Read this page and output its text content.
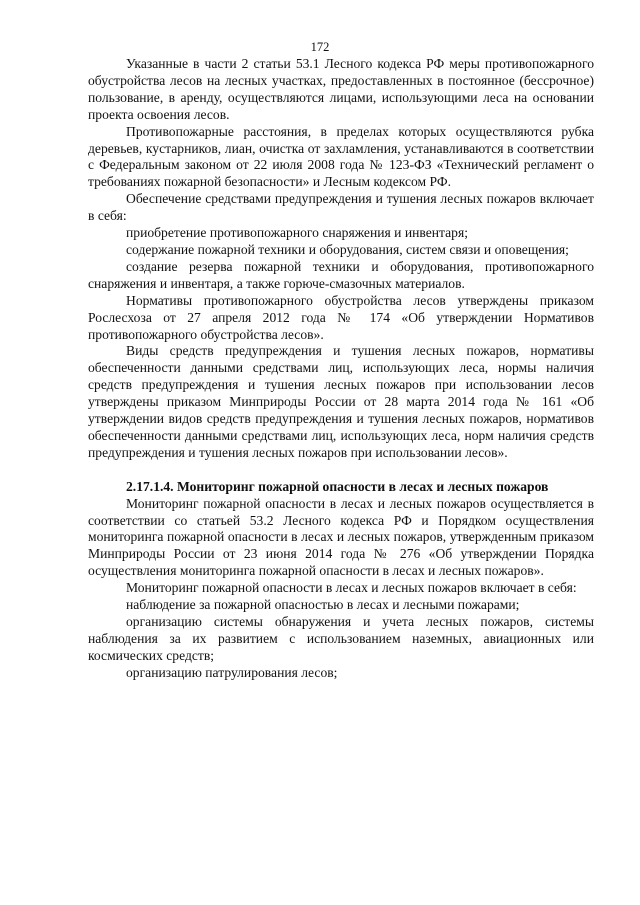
172

Указанные в части 2 статьи 53.1 Лесного кодекса РФ меры противопожарного обустройства лесов на лесных участках, предоставленных в постоянное (бессрочное) пользование, в аренду, осуществляются лицами, использующими леса на основании проекта освоения лесов.

Противопожарные расстояния, в пределах которых осуществляются рубка деревьев, кустарников, лиан, очистка от захламления, устанавливаются в соответствии с Федеральным законом от 22 июля 2008 года № 123-ФЗ «Технический регламент о требованиях пожарной безопасности» и Лесным кодексом РФ.

Обеспечение средствами предупреждения и тушения лесных пожаров включает в себя:

приобретение противопожарного снаряжения и инвентаря;

содержание пожарной техники и оборудования, систем связи и оповещения;

создание резерва пожарной техники и оборудования, противопожарного снаряжения и инвентаря, а также горюче-смазочных материалов.

Нормативы противопожарного обустройства лесов утверждены приказом Рослесхоза от 27 апреля 2012 года № 174 «Об утверждении Нормативов противопожарного обустройства лесов».

Виды средств предупреждения и тушения лесных пожаров, нормативы обеспеченности данными средствами лиц, использующих леса, нормы наличия средств предупреждения и тушения лесных пожаров при использовании лесов утверждены приказом Минприроды России от 28 марта 2014 года № 161 «Об утверждении видов средств предупреждения и тушения лесных пожаров, нормативов обеспеченности данными средствами лиц, использующих леса, норм наличия средств предупреждения и тушения лесных пожаров при использовании лесов».

2.17.1.4. Мониторинг пожарной опасности в лесах и лесных пожаров

Мониторинг пожарной опасности в лесах и лесных пожаров осуществляется в соответствии со статьей 53.2 Лесного кодекса РФ и Порядком осуществления мониторинга пожарной опасности в лесах и лесных пожаров, утвержденным приказом Минприроды России от 23 июня 2014 года № 276 «Об утверждении Порядка осуществления мониторинга пожарной опасности в лесах и лесных пожаров».

Мониторинг пожарной опасности в лесах и лесных пожаров включает в себя:

наблюдение за пожарной опасностью в лесах и лесными пожарами;

организацию системы обнаружения и учета лесных пожаров, системы наблюдения за их развитием с использованием наземных, авиационных или космических средств;

организацию патрулирования лесов;
